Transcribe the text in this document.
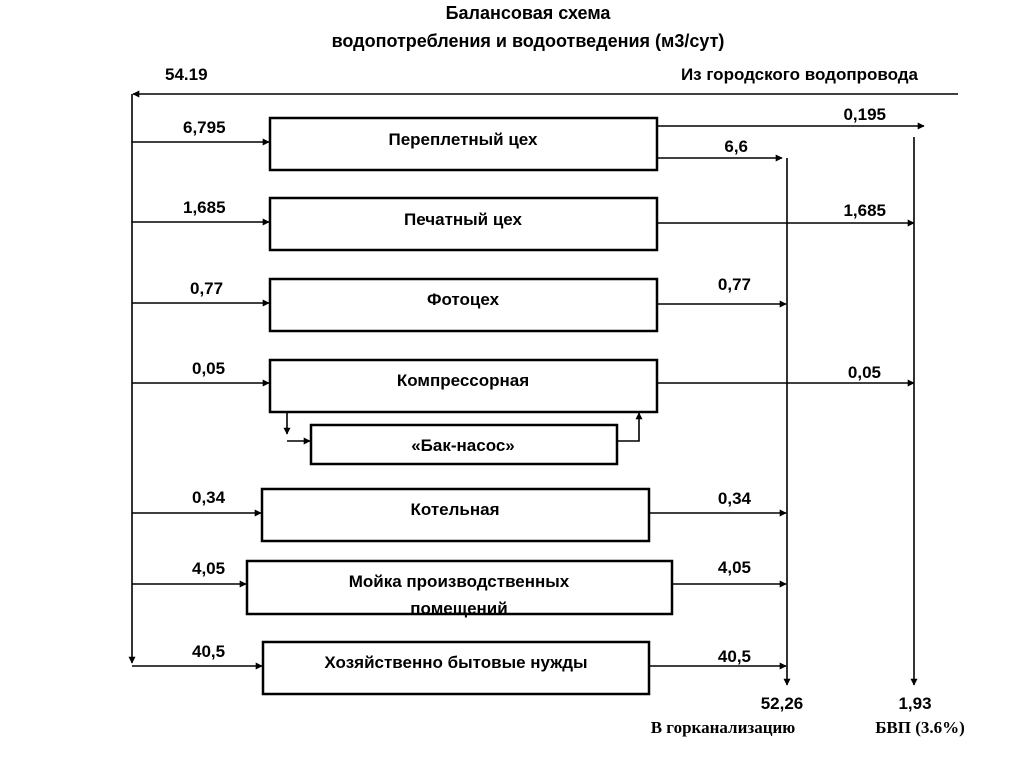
Балансовая схема
водопотребления и водоотведения (м3/сут)
54.19	Из городского водопровода
6,795
1,685
0,77
0,05
0,34
4,05
40,5
Переплетный цех
Печатный цех
Фотоцех
Компрессорная
«Бак-насос»
Котельная
Мойка производственных
помещений
Хозяйственно бытовые нужды
0,195
6,6
1,685
0,77
0,05
0,34
4,05
40,5
52,26
В горканализацию
1,93
БВП (3.6%)
